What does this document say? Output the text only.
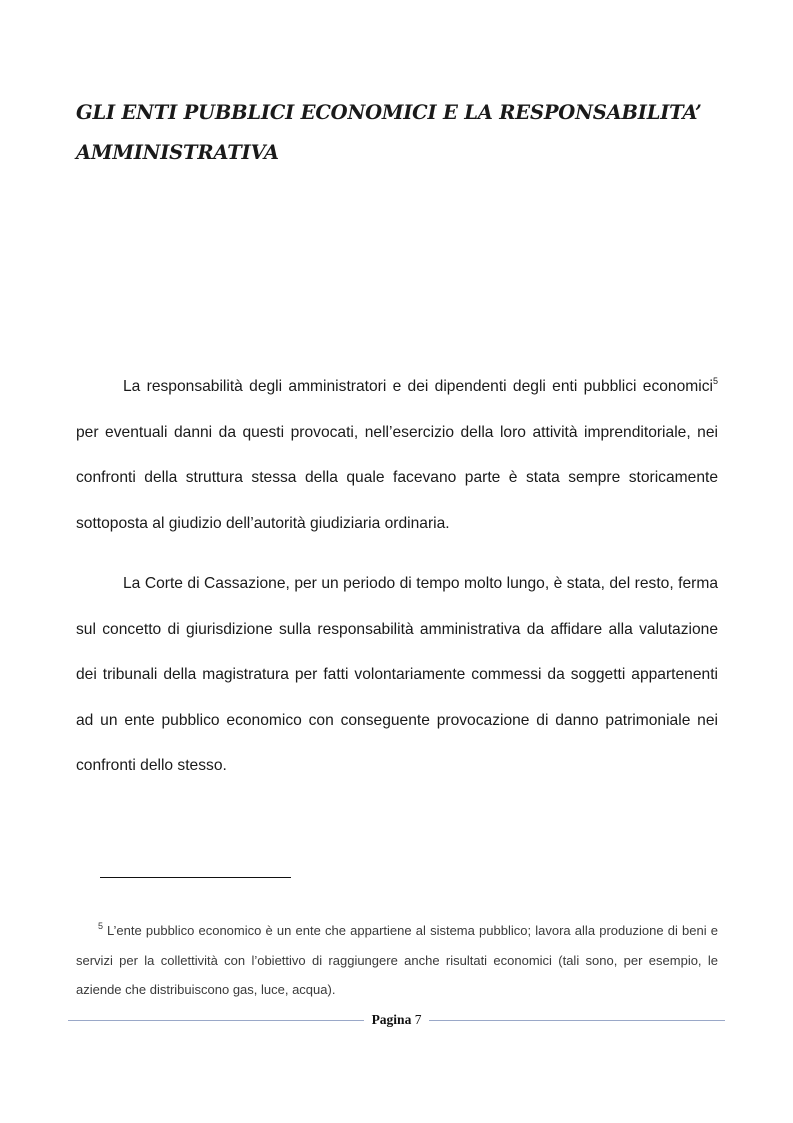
GLI ENTI PUBBLICI ECONOMICI E LA RESPONSABILITA’ AMMINISTRATIVA

La responsabilità degli amministratori e dei dipendenti degli enti pubblici economici$^5$ per eventuali danni da questi provocati, nell’esercizio della loro attività imprenditoriale, nei confronti della struttura stessa della quale facevano parte è stata sempre storicamente sottoposta al giudizio dell’autorità giudiziaria ordinaria.

La Corte di Cassazione, per un periodo di tempo molto lungo, è stata, del resto, ferma sul concetto di giurisdizione sulla responsabilità amministrativa da affidare alla valutazione dei tribunali della magistratura per fatti volontariamente commessi da soggetti appartenenti ad un ente pubblico economico con conseguente provocazione di danno patrimoniale nei confronti dello stesso.

$^5$ L’ente pubblico economico è un ente che appartiene al sistema pubblico; lavora alla produzione di beni e servizi per la collettività con l’obiettivo di raggiungere anche risultati economici (tali sono, per esempio, le aziende che distribuiscono gas, luce, acqua).

Pagina 7
